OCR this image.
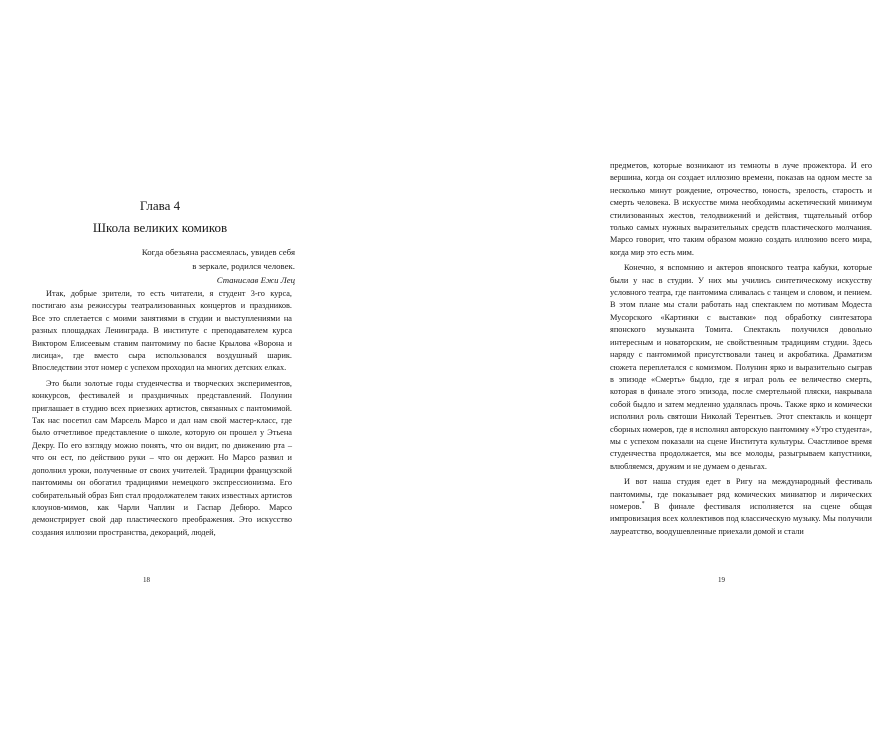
Глава 4
Школа великих комиков
Когда обезьяна рассмеялась, увидев себя
в зеркале, родился человек.
Станислав Ежи Лец

Итак, добрые зрители, то есть читатели, я студент 3-го курса, постигаю азы режиссуры театрализованных концертов и праздников. Все это сплетается с моими занятиями в студии и выступлениями на разных площадках Ленинграда. В институте с преподавателем курса Виктором Елисеевым ставим пантомиму по басне Крылова «Ворона и лисица», где вместо сыра использовался воздушный шарик. Впоследствии этот номер с успехом проходил на многих детских елках.

Это были золотые годы студенчества и творческих экспериментов, конкурсов, фестивалей и праздничных представлений. Полунин приглашает в студию всех приезжих артистов, связанных с пантомимой. Так нас посетил сам Марсель Марсо и дал нам свой мастер-класс, где было отчетливое представление о школе, которую он прошел у Этьена Декру. По его взгляду можно понять, что он видит, по движению рта – что он ест, по действию руки – что он держит. Но Марсо развил и дополнил уроки, полученные от своих учителей. Традиции французской пантомимы он обогатил традициями немецкого экспрессионизма. Его собирательный образ Бип стал продолжателем таких известных артистов клоунов-мимов, как Чарли Чаплин и Гаспар Дебюро. Марсо демонстрирует свой дар пластического преображения. Это искусство создания иллюзии пространства, декораций, людей,

18

предметов, которые возникают из темноты в луче прожектора. И его вершина, когда он создает иллюзию времени, показав на одном месте за несколько минут рождение, отрочество, юность, зрелость, старость и смерть человека. В искусстве мима необходимы аскетический минимум стилизованных жестов, телодвижений и действия, тщательный отбор только самых нужных выразительных средств пластического молчания. Марсо говорит, что таким образом можно создать иллюзию всего мира, когда мир это есть мим.

Конечно, я вспомнию и актеров японского театра кабуки, которые были у нас в студии. У них мы учились синтетическому искусству условного театра, где пантомима сливалась с танцем и словом, и пением. В этом плане мы стали работать над спектаклем по мотивам Модеста Мусорского «Картинки с выставки» под обработку синтезатора японского музыканта Томита. Спектакль получился довольно интересным и новаторским, не свойственным традициям студии. Здесь наряду с пантомимой присутствовали танец и акробатика. Драматизм сюжета переплетался с комизмом. Полунин ярко и выразительно сыграв в эпизоде «Смерть» быдло, где я играл роль ее величество смерть, которая в финале этого эпизода, после смертельной пляски, накрывала собой быдло и затем медленно удалялась прочь. Также ярко и комически исполнил роль святоши Николай Терентьев. Этот спектакль и концерт сборных номеров, где я исполнял авторскую пантомиму «Утро студента», мы с успехом показали на сцене Института культуры. Счастливое время студенчества продолжается, мы все молоды, разыгрываем капустники, влюбляемся, дружим и не думаем о деньгах.

И вот наша студия едет в Ригу на международный фестиваль пантомимы, где показывает ряд комических миниатюр и лирических номеров.* В финале фестиваля исполняется на сцене общая импровизация всех коллективов под классическую музыку. Мы получили лауреатство, воодушевленные приехали домой и стали

19
